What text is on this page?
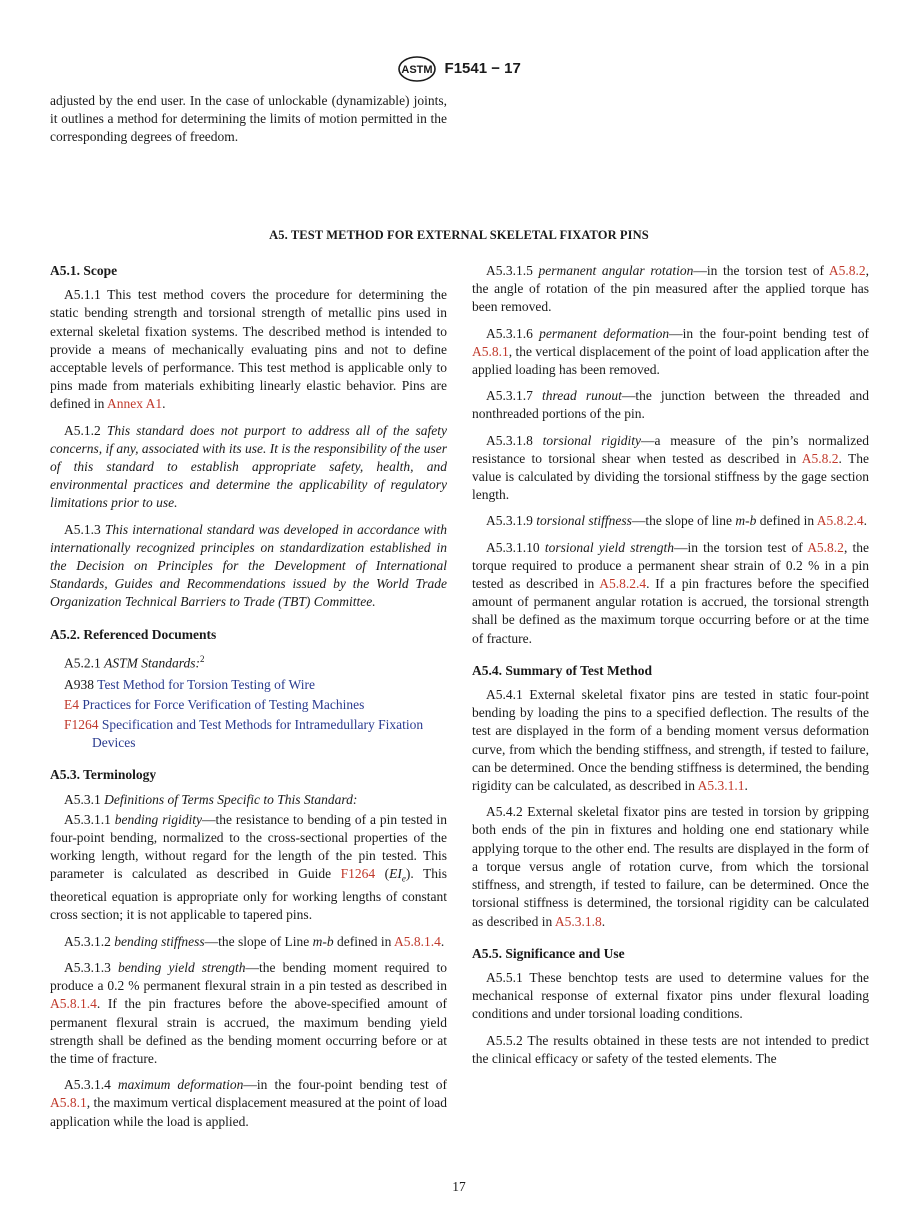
ASTM F1541 − 17
adjusted by the end user. In the case of unlockable (dynamizable) joints, it outlines a method for determining the limits of motion permitted in the corresponding degrees of freedom.
A5. TEST METHOD FOR EXTERNAL SKELETAL FIXATOR PINS
A5.1. Scope

A5.1.1 This test method covers the procedure for determining the static bending strength and torsional strength of metallic pins used in external skeletal fixation systems. The described method is intended to provide a means of mechanically evaluating pins and not to define acceptable levels of performance. This test method is applicable only to pins made from materials exhibiting linearly elastic behavior. Pins are defined in Annex A1.

A5.1.2 This standard does not purport to address all of the safety concerns, if any, associated with its use. It is the responsibility of the user of this standard to establish appropriate safety, health, and environmental practices and determine the applicability of regulatory limitations prior to use.

A5.1.3 This international standard was developed in accordance with internationally recognized principles on standardization established in the Decision on Principles for the Development of International Standards, Guides and Recommendations issued by the World Trade Organization Technical Barriers to Trade (TBT) Committee.

A5.2. Referenced Documents

A5.2.1 ASTM Standards:$^2$

A938 Test Method for Torsion Testing of Wire
E4 Practices for Force Verification of Testing Machines
F1264 Specification and Test Methods for Intramedullary Fixation Devices
A5.3. Terminology

A5.3.1 Definitions of Terms Specific to This Standard:

A5.3.1.1 bending rigidity—the resistance to bending of a pin tested in four-point bending, normalized to the cross-sectional properties of the working length, without regard for the length of the pin tested. This parameter is calculated as described in Guide F1264 $(EI_e)$. This theoretical equation is appropriate only for working lengths of constant cross section; it is not applicable to tapered pins.

A5.3.1.2 bending stiffness—the slope of Line m-b defined in A5.8.1.4.

A5.3.1.3 bending yield strength—the bending moment required to produce a 0.2 % permanent flexural strain in a pin tested as described in A5.8.1.4. If the pin fractures before the above-specified amount of permanent flexural strain is accrued, the maximum bending yield strength shall be defined as the bending moment occurring before or at the time of fracture.

A5.3.1.4 maximum deformation—in the four-point bending test of A5.8.1, the maximum vertical displacement measured at the point of load application while the load is applied.

A5.3.1.5 permanent angular rotation—in the torsion test of A5.8.2, the angle of rotation of the pin measured after the applied torque has been removed.

A5.3.1.6 permanent deformation—in the four-point bending test of A5.8.1, the vertical displacement of the point of load application after the applied loading has been removed.

A5.3.1.7 thread runout—the junction between the threaded and nonthreaded portions of the pin.

A5.3.1.8 torsional rigidity—a measure of the pin’s normalized resistance to torsional shear when tested as described in A5.8.2. The value is calculated by dividing the torsional stiffness by the gage section length.

A5.3.1.9 torsional stiffness—the slope of line m-b defined in A5.8.2.4.

A5.3.1.10 torsional yield strength—in the torsion test of A5.8.2, the torque required to produce a permanent shear strain of 0.2 % in a pin tested as described in A5.8.2.4. If a pin fractures before the specified amount of permanent angular rotation is accrued, the torsional strength shall be defined as the maximum torque occurring before or at the time of fracture.

A5.4. Summary of Test Method

A5.4.1 External skeletal fixator pins are tested in static four-point bending by loading the pins to a specified deflection. The results of the test are displayed in the form of a bending moment versus deformation curve, from which the bending stiffness, and strength, if tested to failure, can be determined. Once the bending stiffness is determined, the bending rigidity can be calculated, as described in A5.3.1.1.

A5.4.2 External skeletal fixator pins are tested in torsion by gripping both ends of the pin in fixtures and holding one end stationary while applying torque to the other end. The results are displayed in the form of a torque versus angle of rotation curve, from which the torsional stiffness, and strength, if tested to failure, can be determined. Once the torsional stiffness is determined, the torsional rigidity can be calculated as described in A5.3.1.8.

A5.5. Significance and Use

A5.5.1 These benchtop tests are used to determine values for the mechanical response of external fixator pins under flexural loading conditions and under torsional loading conditions.

A5.5.2 The results obtained in these tests are not intended to predict the clinical efficacy or safety of the tested elements. The

17
